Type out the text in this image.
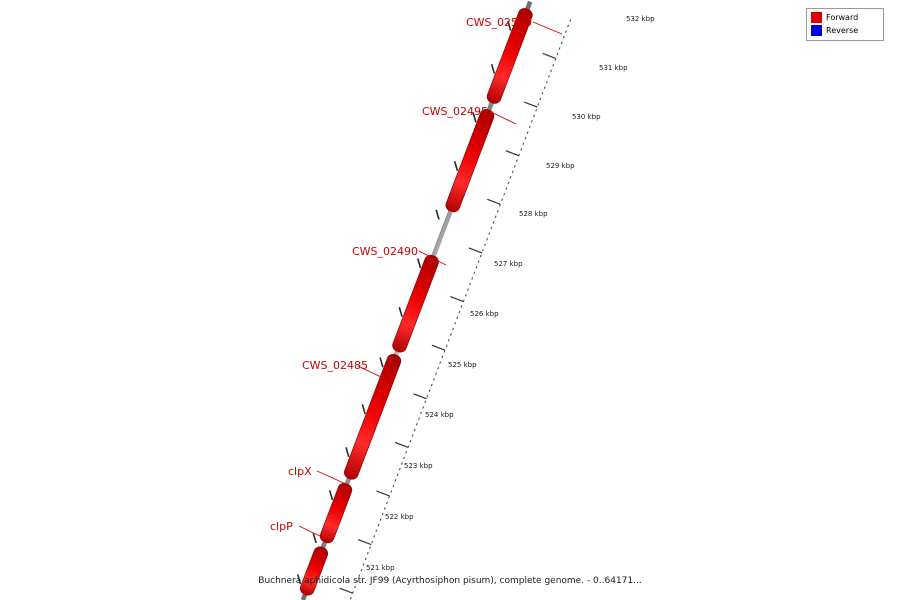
CWS_02500
CWS_02495
CWS_02490
CWS_02485
clpX
clpP
532 kbp
531 kbp
530 kbp
529 kbp
528 kbp
527 kbp
526 kbp
525 kbp
524 kbp
523 kbp
522 kbp
521 kbp
Forward
Reverse
Buchnera aphidicola str. JF99 (Acyrthosiphon pisum), complete genome. - 0..64171...
